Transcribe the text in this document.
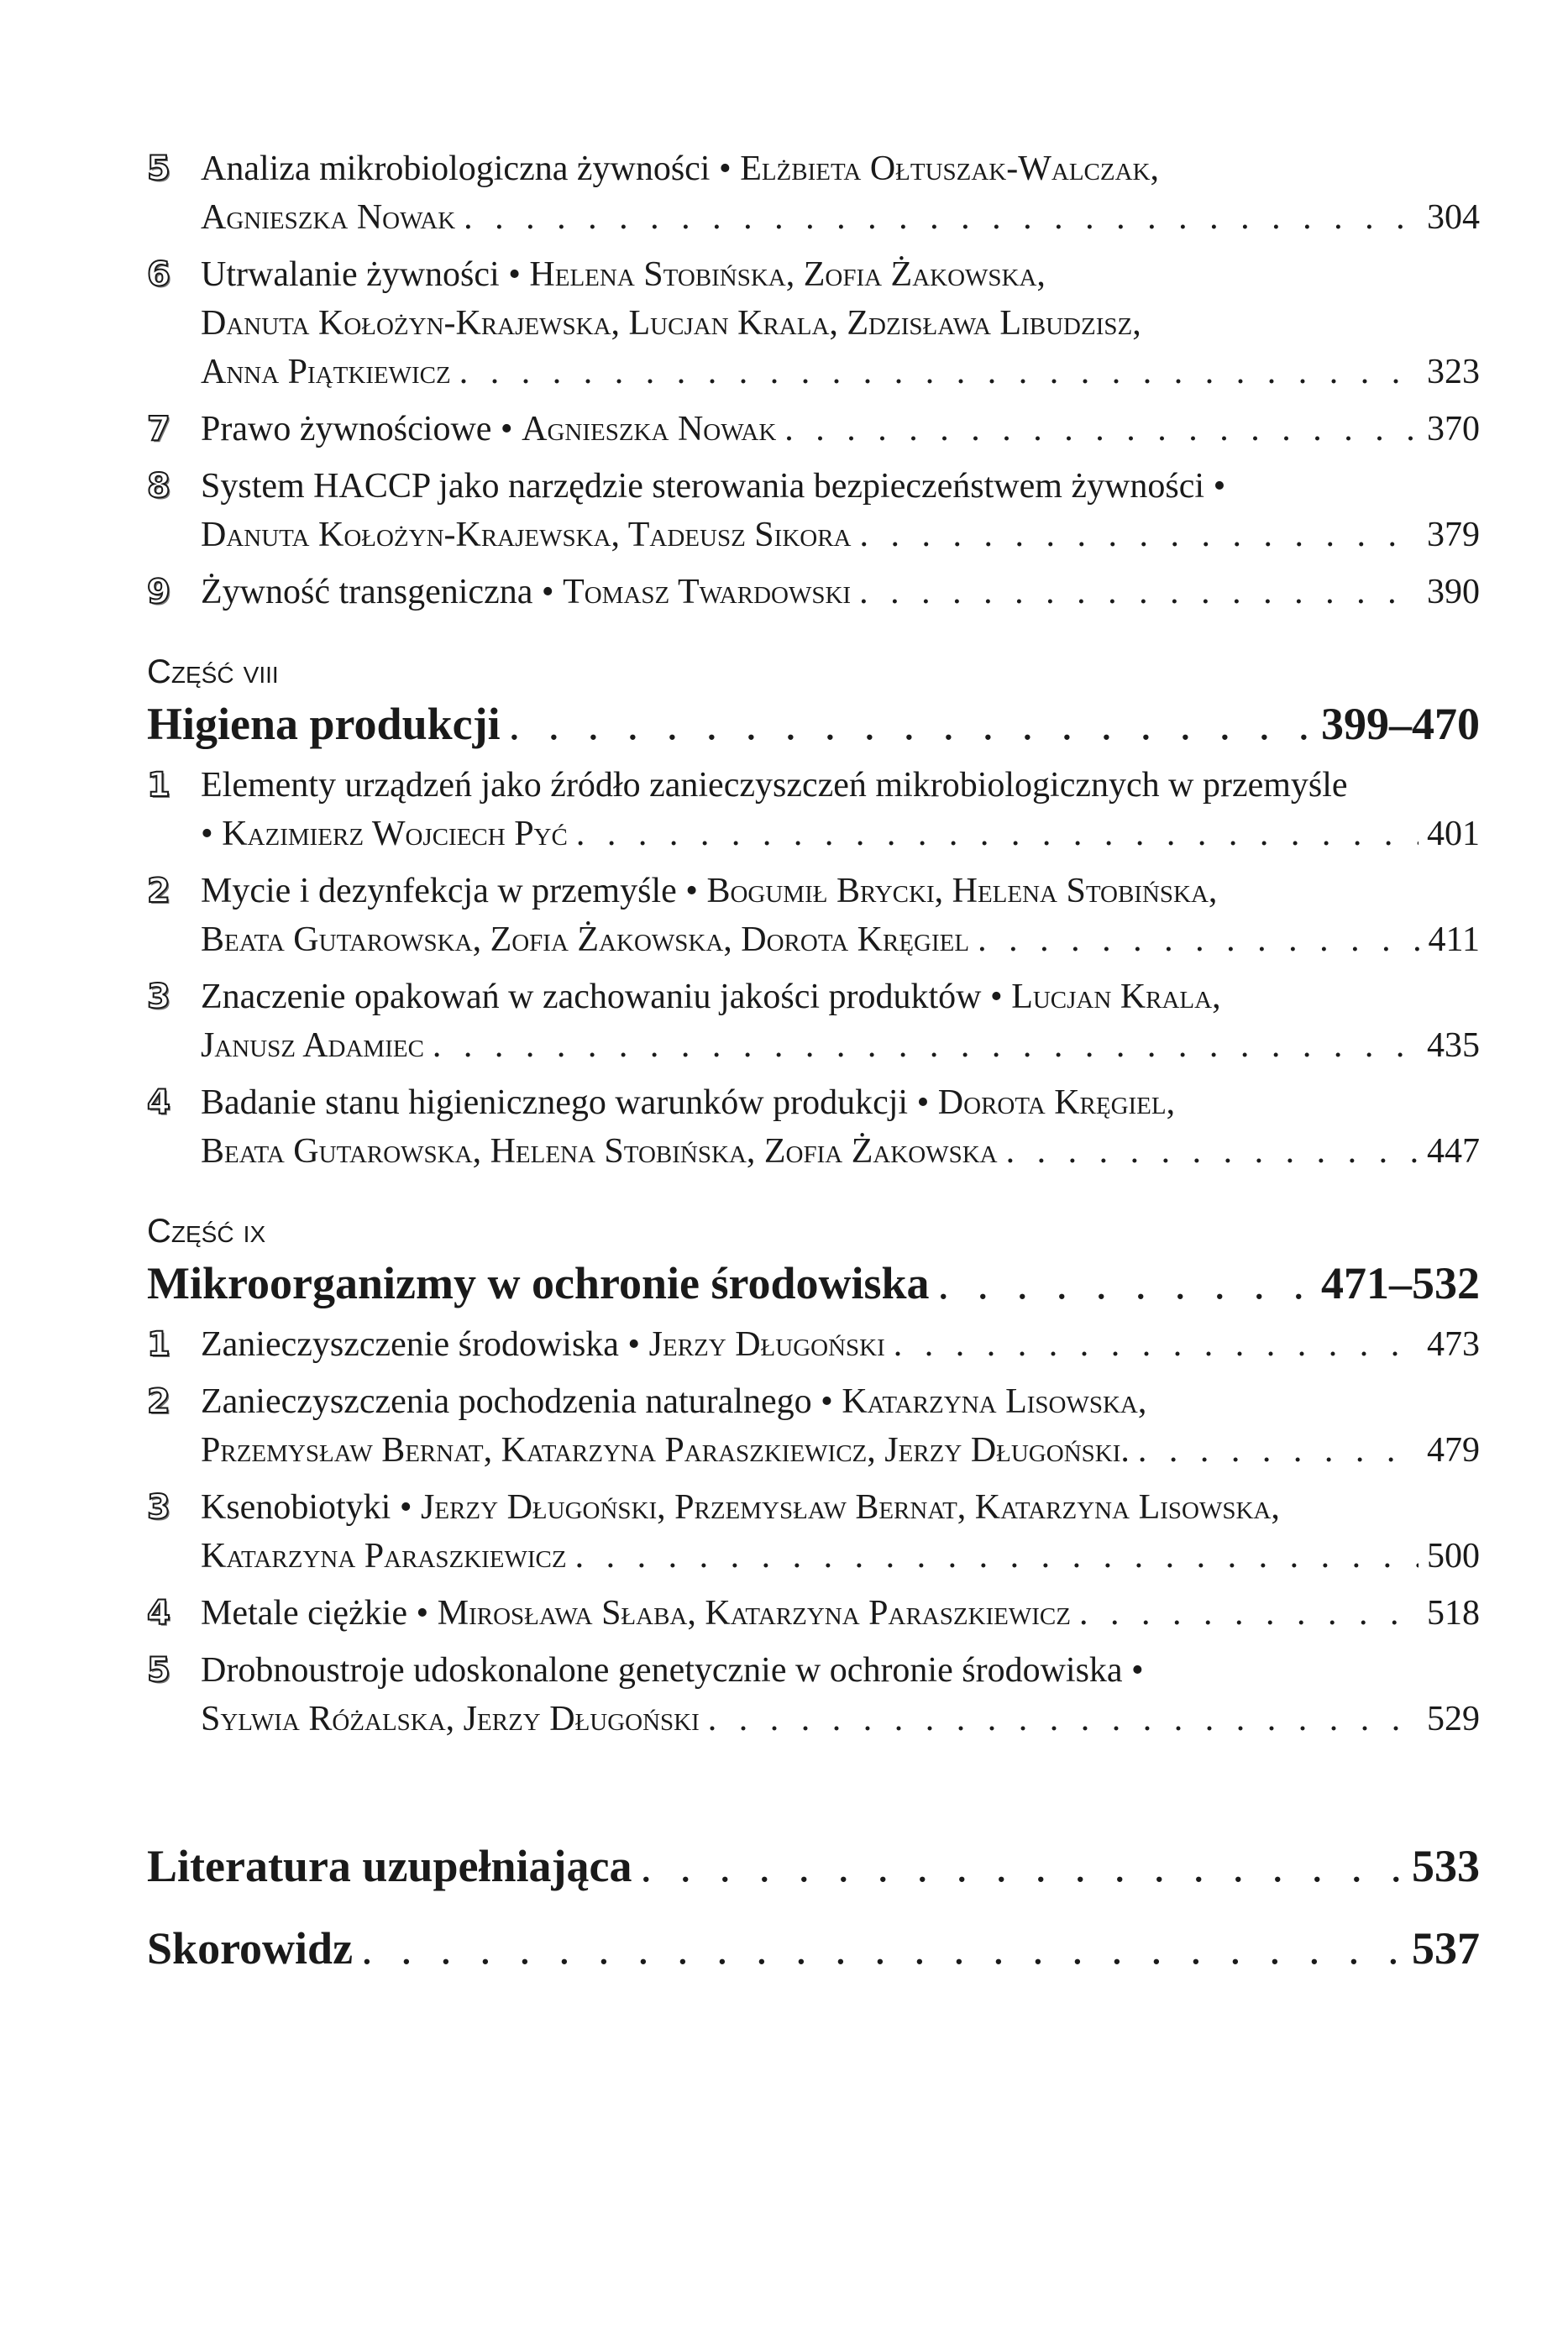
5 Analiza mikrobiologiczna żywności • Elżbieta Ołtuszak-Walczak,
Agnieszka Nowak . . .	304
6 Utrwalanie żywności • Helena Stobińska, Zofia Żakowska,
Danuta Kołożyn-Krajewska, Lucjan Krala, Zdzisława Libudzisz,
Anna Piątkiewicz . . .	323
7 Prawo żywnościowe • Agnieszka Nowak . . .	370
8 System HACCP jako narzędzie sterowania bezpieczeństwem żywności •
Danuta Kołożyn-Krajewska, Tadeusz Sikora . . .	379
9 Żywność transgeniczna • Tomasz Twardowski . . .	390
Część viii
Higiena produkcji . . .	399–470
1 Elementy urządzeń jako źródło zanieczyszczeń mikrobiologicznych w przemyśle
• Kazimierz Wojciech Pyć . . .	401
2 Mycie i dezynfekcja w przemyśle • Bogumił Brycki, Helena Stobińska,
Beata Gutarowska, Zofia Żakowska, Dorota Kręgiel . . .	411
3 Znaczenie opakowań w zachowaniu jakości produktów • Lucjan Krala,
Janusz Adamiec . . .	435
4 Badanie stanu higienicznego warunków produkcji • Dorota Kręgiel,
Beata Gutarowska, Helena Stobińska, Zofia Żakowska . . .	447
Część ix
Mikroorganizmy w ochronie środowiska . . .	471–532
1 Zanieczyszczenie środowiska • Jerzy Długoński . . .	473
2 Zanieczyszczenia pochodzenia naturalnego • Katarzyna Lisowska,
Przemysław Bernat, Katarzyna Paraszkiewicz, Jerzy Długoński. . . .	479
3 Ksenobiotyki • Jerzy Długoński, Przemysław Bernat, Katarzyna Lisowska,
Katarzyna Paraszkiewicz . . .	500
4 Metale ciężkie • Mirosława Słaba, Katarzyna Paraszkiewicz . . .	518
5 Drobnoustroje udoskonalone genetycznie w ochronie środowiska •
Sylwia Różalska, Jerzy Długoński . . .	529
Literatura uzupełniająca . . .	533
Skorowidz . . .	537
